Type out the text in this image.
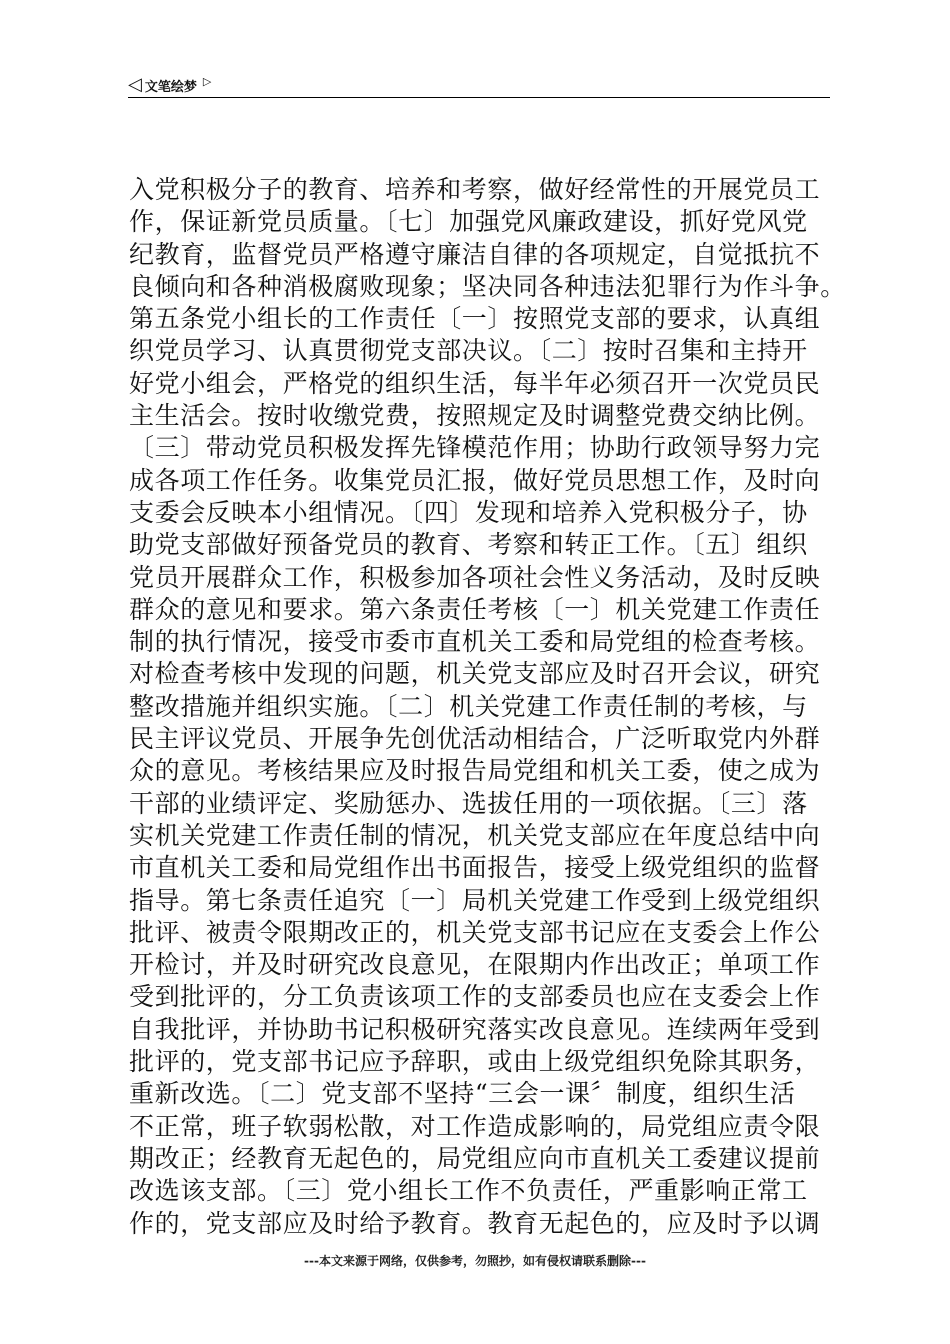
◁ 文笔绘梦 ▷
入党积极分子的教育、培养和考察，做好经常性的开展党员工
作，保证新党员质量。〔七〕加强党风廉政建设，抓好党风党
纪教育，监督党员严格遵守廉洁自律的各项规定，自觉抵抗不
良倾向和各种消极腐败现象；坚决同各种违法犯罪行为作斗争。
第五条党小组长的工作责任〔一〕按照党支部的要求，认真组
织党员学习、认真贯彻党支部决议。〔二〕按时召集和主持开
好党小组会，严格党的组织生活，每半年必须召开一次党员民
主生活会。按时收缴党费，按照规定及时调整党费交纳比例。
〔三〕带动党员积极发挥先锋模范作用；协助行政领导努力完
成各项工作任务。收集党员汇报，做好党员思想工作，及时向
支委会反映本小组情况。〔四〕发现和培养入党积极分子，协
助党支部做好预备党员的教育、考察和转正工作。〔五〕组织
党员开展群众工作，积极参加各项社会性义务活动，及时反映
群众的意见和要求。第六条责任考核〔一〕机关党建工作责任
制的执行情况，接受市委市直机关工委和局党组的检查考核。
对检查考核中发现的问题，机关党支部应及时召开会议，研究
整改措施并组织实施。〔二〕机关党建工作责任制的考核，与
民主评议党员、开展争先创优活动相结合，广泛听取党内外群
众的意见。考核结果应及时报告局党组和机关工委，使之成为
干部的业绩评定、奖励惩办、选拔任用的一项依据。〔三〕落
实机关党建工作责任制的情况，机关党支部应在年度总结中向
市直机关工委和局党组作出书面报告，接受上级党组织的监督
指导。第七条责任追究〔一〕局机关党建工作受到上级党组织
批评、被责令限期改正的，机关党支部书记应在支委会上作公
开检讨，并及时研究改良意见，在限期内作出改正；单项工作
受到批评的，分工负责该项工作的支部委员也应在支委会上作
自我批评，并协助书记积极研究落实改良意见。连续两年受到
批评的，党支部书记应予辞职，或由上级党组织免除其职务，
重新改选。〔二〕党支部不坚持“三会一课〞制度，组织生活
不正常，班子软弱松散，对工作造成影响的，局党组应责令限
期改正；经教育无起色的，局党组应向市直机关工委建议提前
改选该支部。〔三〕党小组长工作不负责任，严重影响正常工
作的，党支部应及时给予教育。教育无起色的，应及时予以调
---本文来源于网络，仅供参考，勿照抄，如有侵权请联系删除---
